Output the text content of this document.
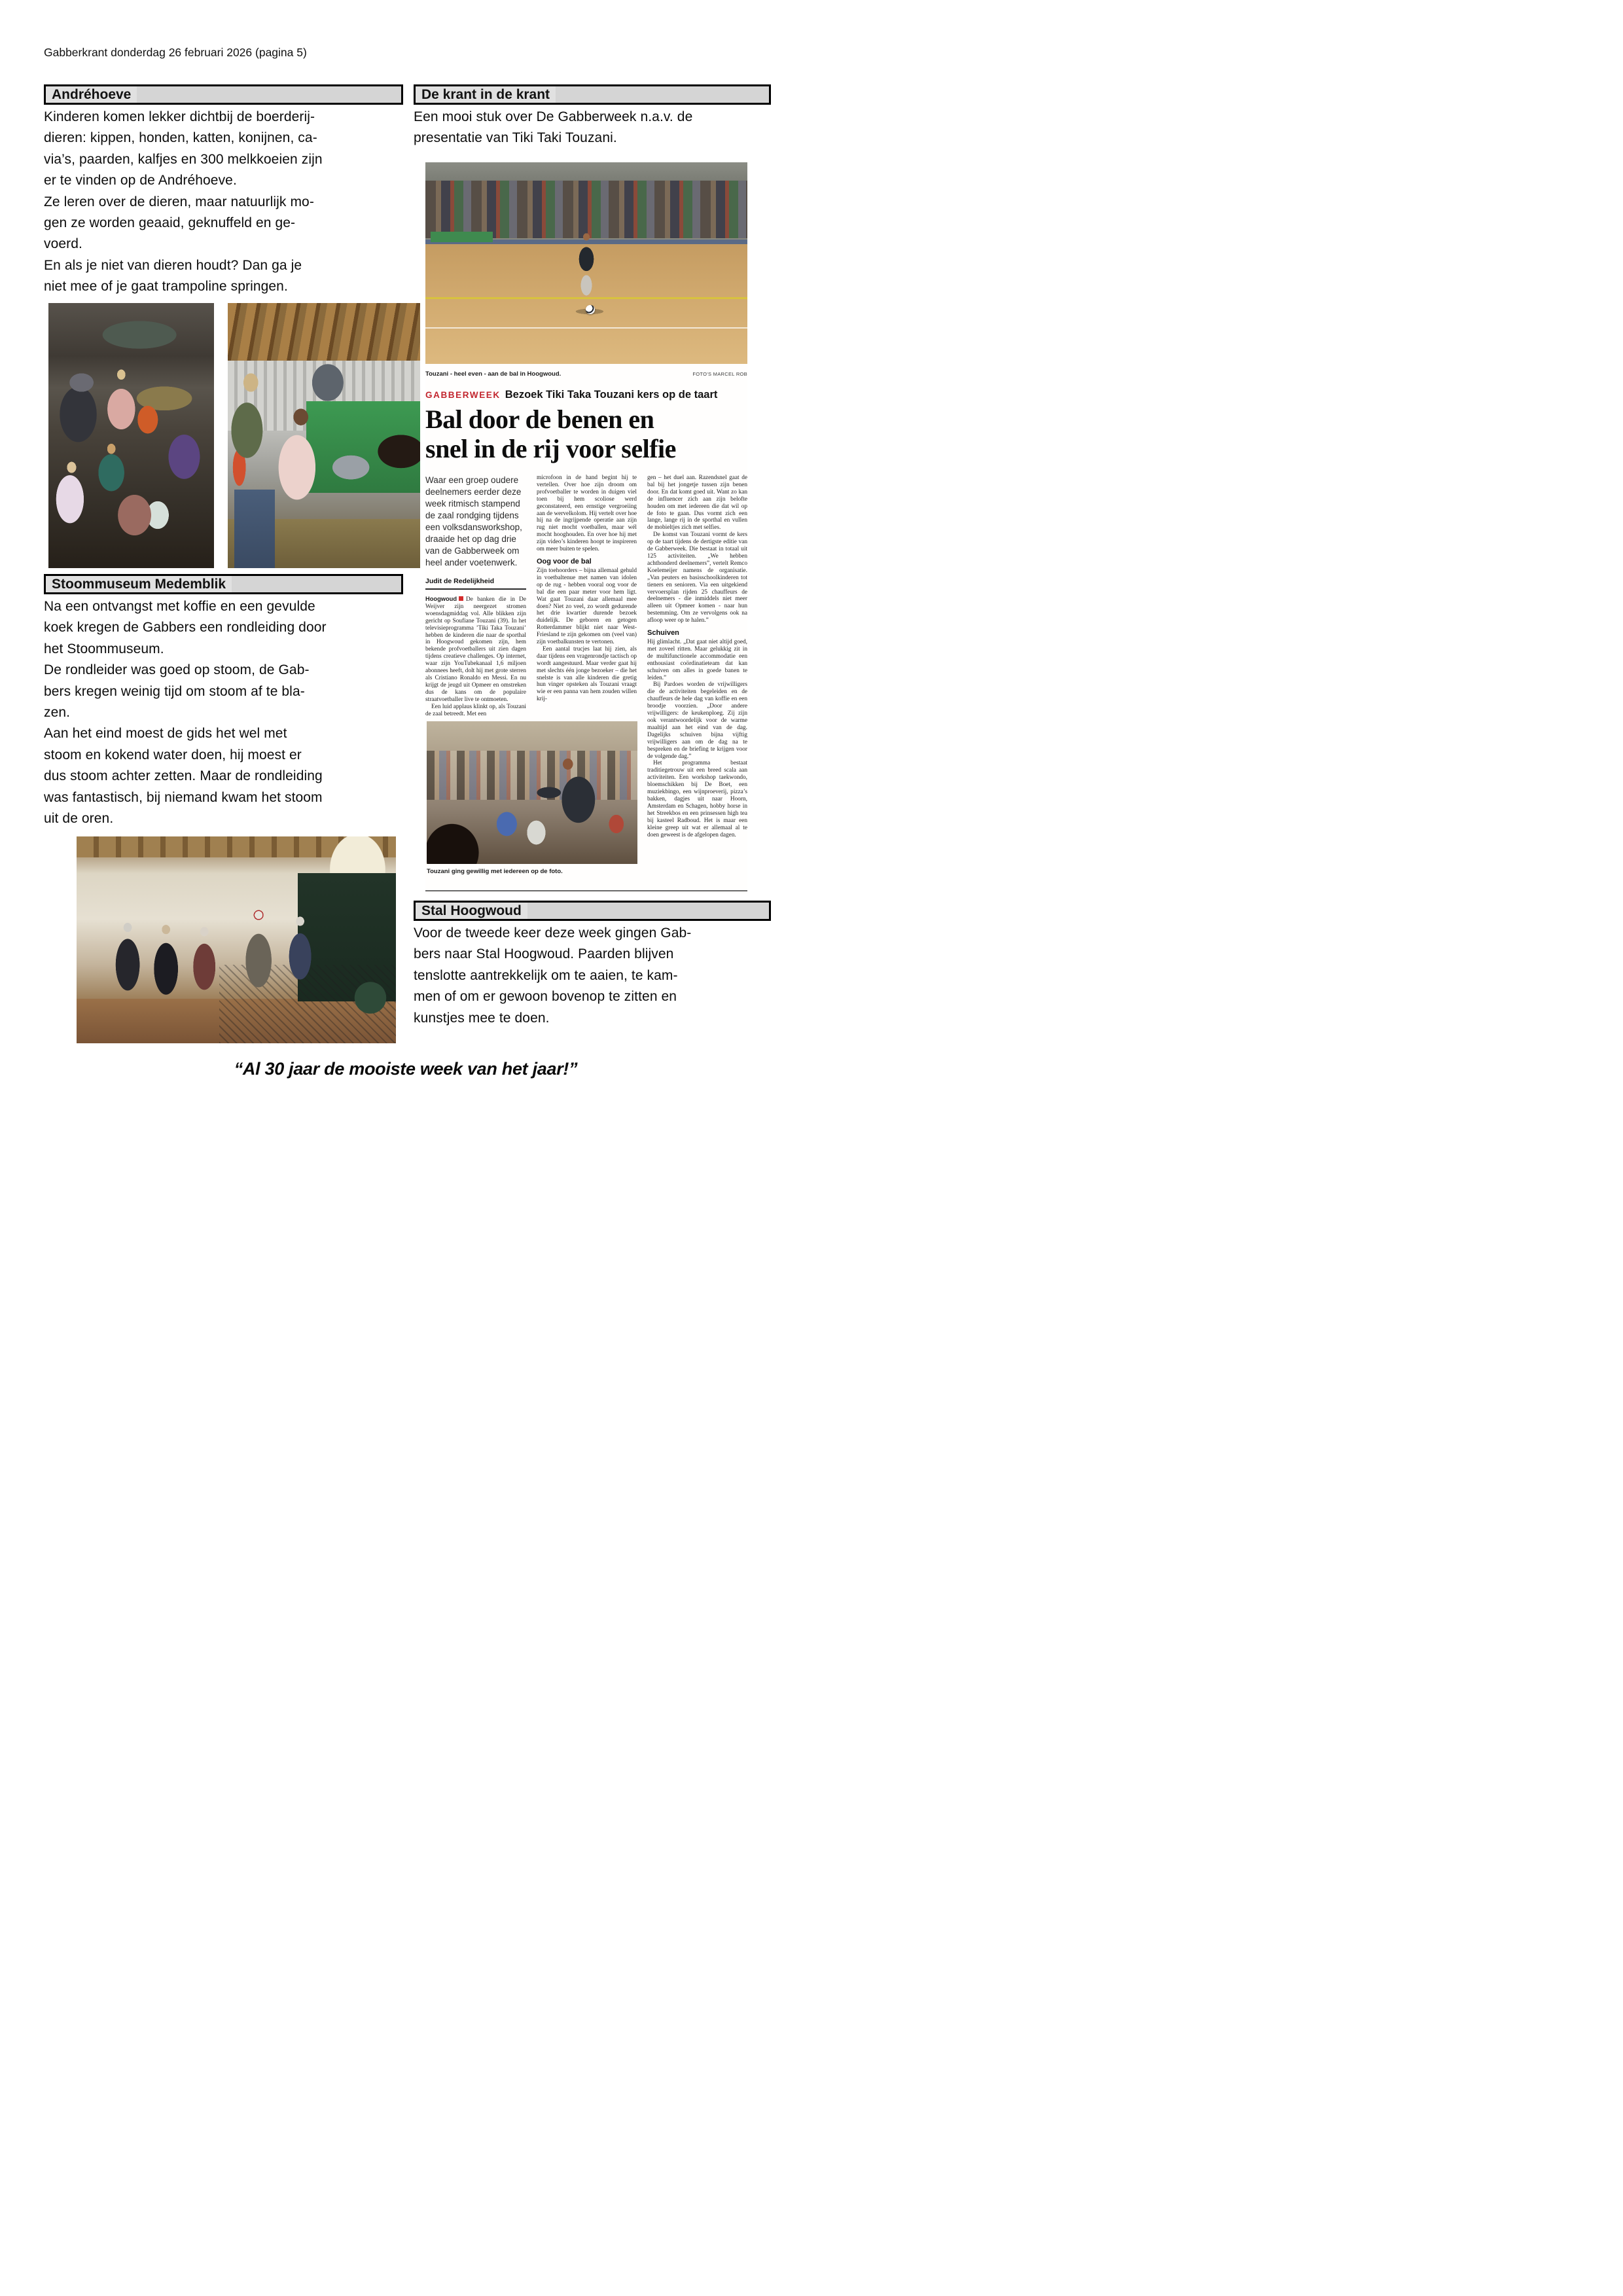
Gabberkrant donderdag 26 februari 2026 (pagina 5)
Andréhoeve
Kinderen komen lekker dichtbij de boerderij-
dieren: kippen, honden, katten, konijnen, ca-
via’s, paarden, kalfjes en 300 melkkoeien zijn
er te vinden op de Andréhoeve.
Ze leren over de dieren, maar natuurlijk mo-
gen ze worden geaaid, geknuffeld en ge-
voerd.
En als je niet van dieren houdt? Dan ga je
niet mee of je gaat trampoline springen.
Stoommuseum Medemblik
Na een ontvangst met koffie en een gevulde
koek kregen de Gabbers een rondleiding door
het Stoommuseum.
De rondleider was goed op stoom, de Gab-
bers kregen weinig tijd om stoom af te bla-
zen.
Aan het eind moest de gids het wel met
stoom en kokend water doen, hij moest er
dus stoom achter zetten. Maar de rondleiding
was fantastisch, bij niemand kwam het stoom
uit de oren.
De krant in de krant
Een mooi stuk over De Gabberweek n.a.v. de
presentatie van Tiki Taki Touzani.
Touzani - heel even - aan de bal in Hoogwoud.	FOTO'S MARCEL ROB
GABBERWEEK Bezoek Tiki Taka Touzani kers op de taart
Bal door de benen en
snel in de rij voor selfie
Waar een groep oudere deelnemers eerder deze week ritmisch stampend de zaal rondging tijdens een volksdansworkshop, draaide het op dag drie van de Gabberweek om heel ander voetenwerk.
Judit de Redelijkheid

Hoogwoud De banken die in De Weijver zijn neergezet stromen woensdagmiddag vol. Alle blikken zijn gericht op Soufiane Touzani (39). In het televisieprogramma ’Tiki Taka Touzani’ hebben de kinderen die naar de sporthal in Hoogwoud gekomen zijn, hem bekende profvoetballers uit zien dagen tijdens creatieve challenges. Op internet, waar zijn YouTubekanaal 1,6 miljoen abonnees heeft, dolt hij met grote sterren als Cristiano Ronaldo en Messi. En nu krijgt de jeugd uit Opmeer en omstreken dus de kans om de populaire straatvoetballer live te ontmoeten.

Een luid applaus klinkt op, als Touzani de zaal betreedt. Met een

microfoon in de hand begint hij te vertellen. Over hoe zijn droom om profvoetballer te worden in duigen viel toen bij hem scoliose werd geconstateerd, een ernstige vergroeiing aan de wervelkolom. Hij vertelt over hoe hij na de ingrijpende operatie aan zijn rug niet mocht voetballen, maar wél mocht hooghouden. En over hoe hij met zijn video’s kinderen hoopt te inspireren om meer buiten te spelen.

Oog voor de bal

Zijn toehoorders – bijna allemaal gehuld in voetbaltenue met namen van idolen op de rug - hebben vooral oog voor de bal die een paar meter voor hem ligt. Wat gaat Touzani daar allemaal mee doen? Niet zo veel, zo wordt gedurende het drie kwartier durende bezoek duidelijk. De geboren en getogen Rotterdammer blijkt niet naar West-Friesland te zijn gekomen om (veel van) zijn voetbalkunsten te vertonen.

Een aantal trucjes laat hij zien, als daar tijdens een vragenrondje tactisch op wordt aangestuurd. Maar verder gaat hij met slechts één jonge bezoeker – die het snelste is van alle kinderen die gretig hun vinger opsteken als Touzani vraagt wie er een panna van hem zouden willen krij-

gen – het duel aan. Razendsnel gaat de bal bij het jongetje tussen zijn benen door. En dat komt goed uit. Want zo kan de influencer zich aan zijn belofte houden om met iedereen die dat wil op de foto te gaan. Dus vormt zich een lange, lange rij in de sporthal en vullen de mobieltjes zich met selfies.

De komst van Touzani vormt de kers op de taart tijdens de dertigste editie van de Gabberweek. Die bestaat in totaal uit 125 activiteiten. „We hebben achthonderd deelnemers”, vertelt Remco Koelemeijer namens de organisatie. „Van peuters en basisschoolkinderen tot tieners en senioren. Via een uitgekiend vervoersplan rijden 25 chauffeurs de deelnemers - die inmiddels niet meer alleen uit Opmeer komen - naar hun bestemming. Om ze vervolgens ook na afloop weer op te halen.”

Schuiven

Hij glimlacht. „Dat gaat niet altijd goed, met zoveel ritten. Maar gelukkig zit in de multifunctionele accommodatie een enthousiast coördinatieteam dat kan schuiven om alles in goede banen te leiden.”

Bij Pardoes worden de vrijwilligers die de activiteiten begeleiden en de chauffeurs de hele dag van koffie en een broodje voorzien. „Door andere vrijwilligers: de keukenploeg. Zij zijn ook verantwoordelijk voor de warme maaltijd aan het eind van de dag. Dagelijks schuiven bijna vijftig vrijwilligers aan om de dag na te bespreken en de briefing te krijgen voor de volgende dag.”

Het programma bestaat traditiegetrouw uit een breed scala aan activiteiten. Een workshop taekwondo, bloemschikken bij De Boet, een muziekbingo, een wijnproeverij, pizza’s bakken, dagjes uit naar Hoorn, Amsterdam en Schagen, hobby horse in het Streekbos en een prinsessen high tea bij kasteel Radboud. Het is maar een kleine greep uit wat er allemaal al te doen geweest is de afgelopen dagen.

Touzani ging gewillig met iedereen op de foto.
Stal Hoogwoud
Voor de tweede keer deze week gingen Gab-
bers naar Stal Hoogwoud. Paarden blijven
tenslotte aantrekkelijk om te aaien, te kam-
men of om er gewoon bovenop te zitten en
kunstjes mee te doen.
“Al 30 jaar de mooiste week van het jaar!”
